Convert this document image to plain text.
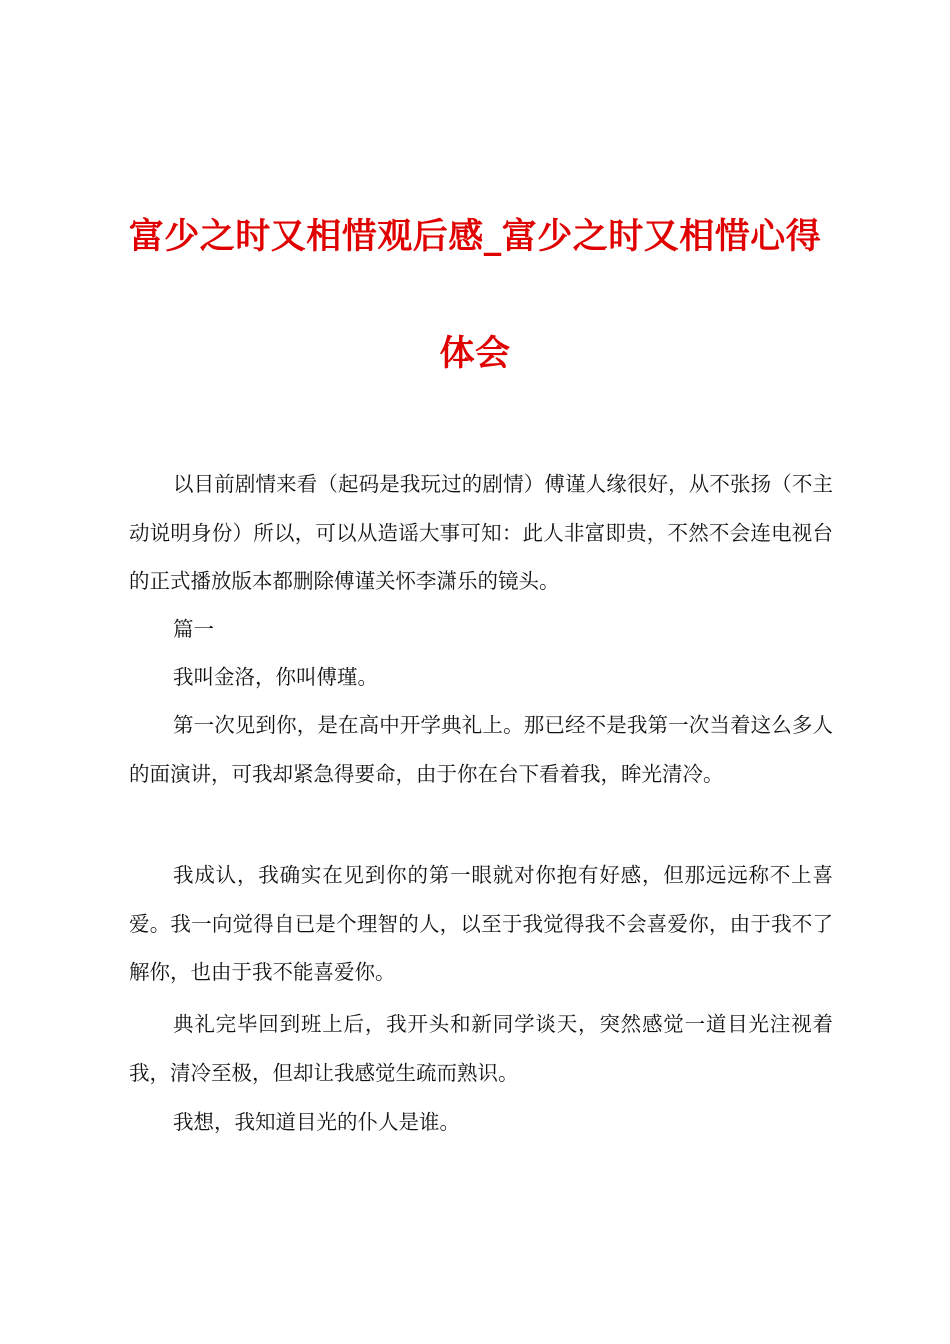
富少之时又相惜观后感_富少之时又相惜心得
体会

以目前剧情来看（起码是我玩过的剧情）傅谨人缘很好，从不张扬（不主动说明身份）所以，可以从造谣大事可知：此人非富即贵，不然不会连电视台的正式播放版本都删除傅谨关怀李潇乐的镜头。

篇一

我叫金洛，你叫傅瑾。

第一次见到你，是在高中开学典礼上。那已经不是我第一次当着这么多人的面演讲，可我却紧急得要命，由于你在台下看着我，眸光清冷。

我成认，我确实在见到你的第一眼就对你抱有好感，但那远远称不上喜爱。我一向觉得自已是个理智的人，以至于我觉得我不会喜爱你，由于我不了解你，也由于我不能喜爱你。

典礼完毕回到班上后，我开头和新同学谈天，突然感觉一道目光注视着我，清冷至极，但却让我感觉生疏而熟识。

我想，我知道目光的仆人是谁。
